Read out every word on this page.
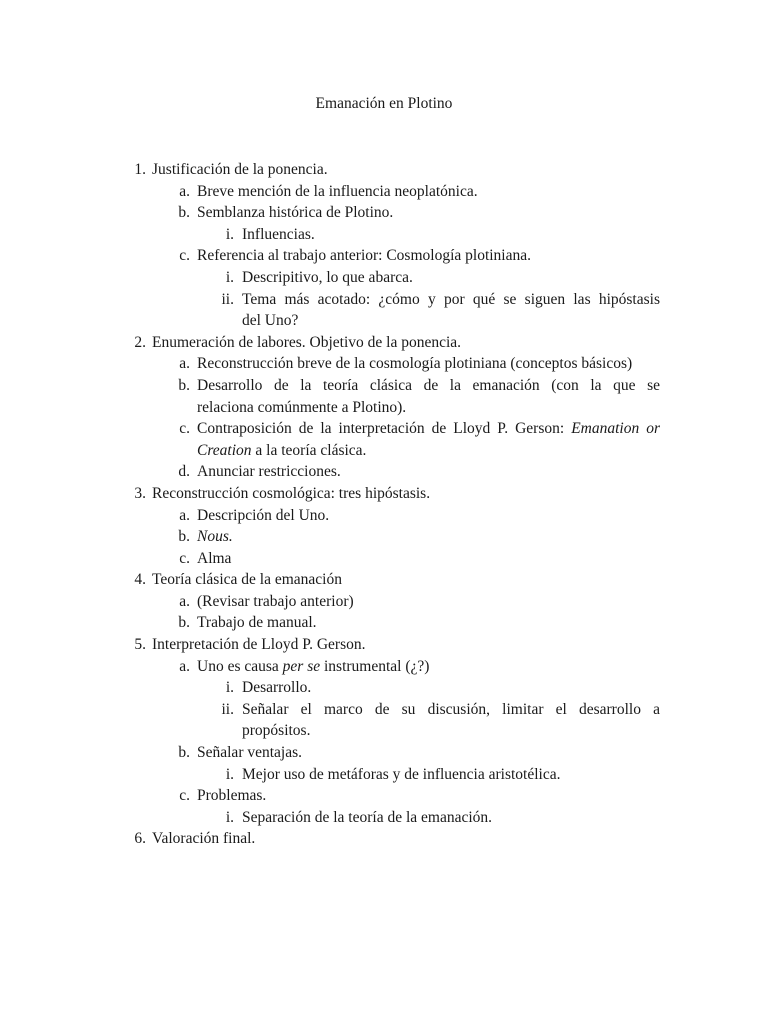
Emanación en Plotino
1. Justificación de la ponencia.
a. Breve mención de la influencia neoplatónica.
b. Semblanza histórica de Plotino.
i. Influencias.
c. Referencia al trabajo anterior: Cosmología plotiniana.
i. Descripitivo, lo que abarca.
ii. Tema más acotado: ¿cómo y por qué se siguen las hipóstasis
del Uno?
2. Enumeración de labores. Objetivo de la ponencia.
a. Reconstrucción breve de la cosmología plotiniana (conceptos básicos)
b. Desarrollo de la teoría clásica de la emanación (con la que se
relaciona comúnmente a Plotino).
c. Contraposición de la interpretación de Lloyd P. Gerson: Emanation or
Creation a la teoría clásica.
d. Anunciar restricciones.
3. Reconstrucción cosmológica: tres hipóstasis.
a. Descripción del Uno.
b. Nous.
c. Alma
4. Teoría clásica de la emanación
a. (Revisar trabajo anterior)
b. Trabajo de manual.
5. Interpretación de Lloyd P. Gerson.
a. Uno es causa per se instrumental (¿?)
i. Desarrollo.
ii. Señalar el marco de su discusión, limitar el desarrollo a
propósitos.
b. Señalar ventajas.
i. Mejor uso de metáforas y de influencia aristotélica.
c. Problemas.
i. Separación de la teoría de la emanación.
6. Valoración final.
